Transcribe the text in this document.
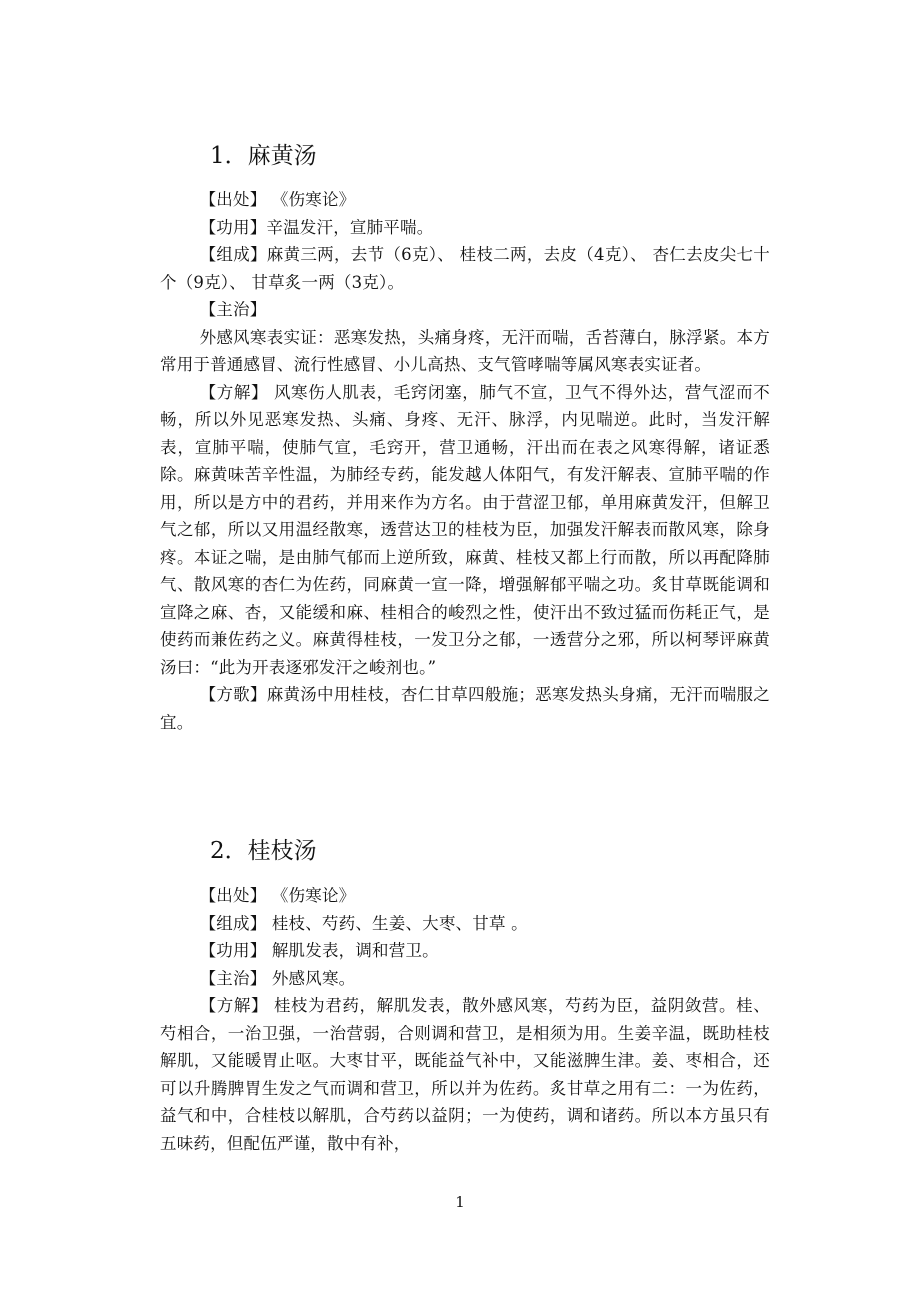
1．麻黄汤

【出处】 《伤寒论》

【功用】辛温发汗，宣肺平喘。

【组成】麻黄三两，去节（6克）、 桂枝二两，去皮（4克）、 杏仁去皮尖七十个（9克）、 甘草炙一两（3克）。

【主治】

外感风寒表实证：恶寒发热，头痛身疼，无汗而喘，舌苔薄白，脉浮紧。本方常用于普通感冒、流行性感冒、小儿高热、支气管哮喘等属风寒表实证者。

【方解】 风寒伤人肌表，毛窍闭塞，肺气不宣，卫气不得外达，营气涩而不畅，所以外见恶寒发热、头痛、身疼、无汗、脉浮，内见喘逆。此时，当发汗解表，宣肺平喘，使肺气宣，毛窍开，营卫通畅，汗出而在表之风寒得解，诸证悉除。麻黄味苦辛性温，为肺经专药，能发越人体阳气，有发汗解表、宣肺平喘的作用，所以是方中的君药，并用来作为方名。由于营涩卫郁，单用麻黄发汗，但解卫气之郁，所以又用温经散寒，透营达卫的桂枝为臣，加强发汗解表而散风寒，除身疼。本证之喘，是由肺气郁而上逆所致，麻黄、桂枝又都上行而散，所以再配降肺气、散风寒的杏仁为佐药，同麻黄一宣一降，增强解郁平喘之功。炙甘草既能调和宣降之麻、杏，又能缓和麻、桂相合的峻烈之性，使汗出不致过猛而伤耗正气，是使药而兼佐药之义。麻黄得桂枝，一发卫分之郁，一透营分之邪，所以柯琴评麻黄汤曰：“此为开表逐邪发汗之峻剂也。”

【方歌】麻黄汤中用桂枝，杏仁甘草四般施；恶寒发热头身痛，无汗而喘服之宜。

2．桂枝汤

【出处】 《伤寒论》

【组成】 桂枝、芍药、生姜、大枣、甘草 。

【功用】 解肌发表，调和营卫。

【主治】 外感风寒。

【方解】 桂枝为君药，解肌发表，散外感风寒，芍药为臣，益阴敛营。桂、芍相合，一治卫强，一治营弱，合则调和营卫，是相须为用。生姜辛温，既助桂枝解肌，又能暖胃止呕。大枣甘平，既能益气补中，又能滋脾生津。姜、枣相合，还可以升腾脾胃生发之气而调和营卫，所以并为佐药。炙甘草之用有二：一为佐药，益气和中，合桂枝以解肌，合芍药以益阴；一为使药，调和诸药。所以本方虽只有五味药，但配伍严谨，散中有补，

1
